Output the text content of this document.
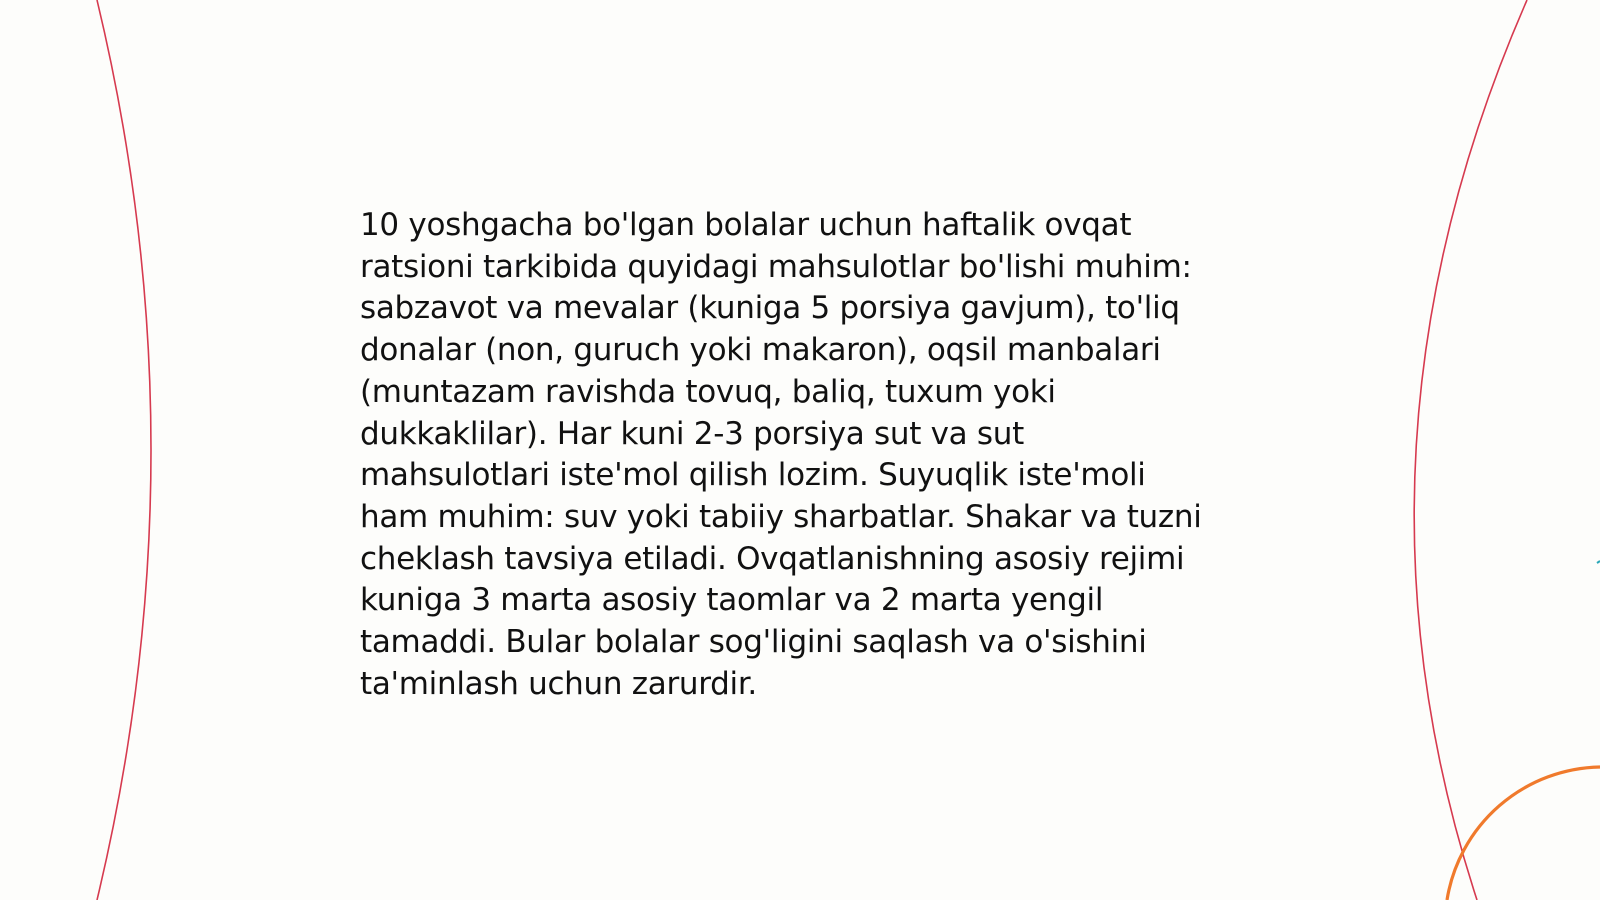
10 yoshgacha bo'lgan bolalar uchun haftalik ovqat ratsioni tarkibida quyidagi mahsulotlar bo'lishi muhim: sabzavot va mevalar (kuniga 5 porsiya gavjum), to'liq donalar (non, guruch yoki makaron), oqsil manbalari (muntazam ravishda tovuq, baliq, tuxum yoki dukkaklilar). Har kuni 2-3 porsiya sut va sut mahsulotlari iste'mol qilish lozim. Suyuqlik iste'moli ham muhim: suv yoki tabiiy sharbatlar. Shakar va tuzni cheklash tavsiya etiladi. Ovqatlanishning asosiy rejimi kuniga 3 marta asosiy taomlar va 2 marta yengil tamaddi. Bular bolalar sog'ligini saqlash va o'sishini ta'minlash uchun zarurdir.
